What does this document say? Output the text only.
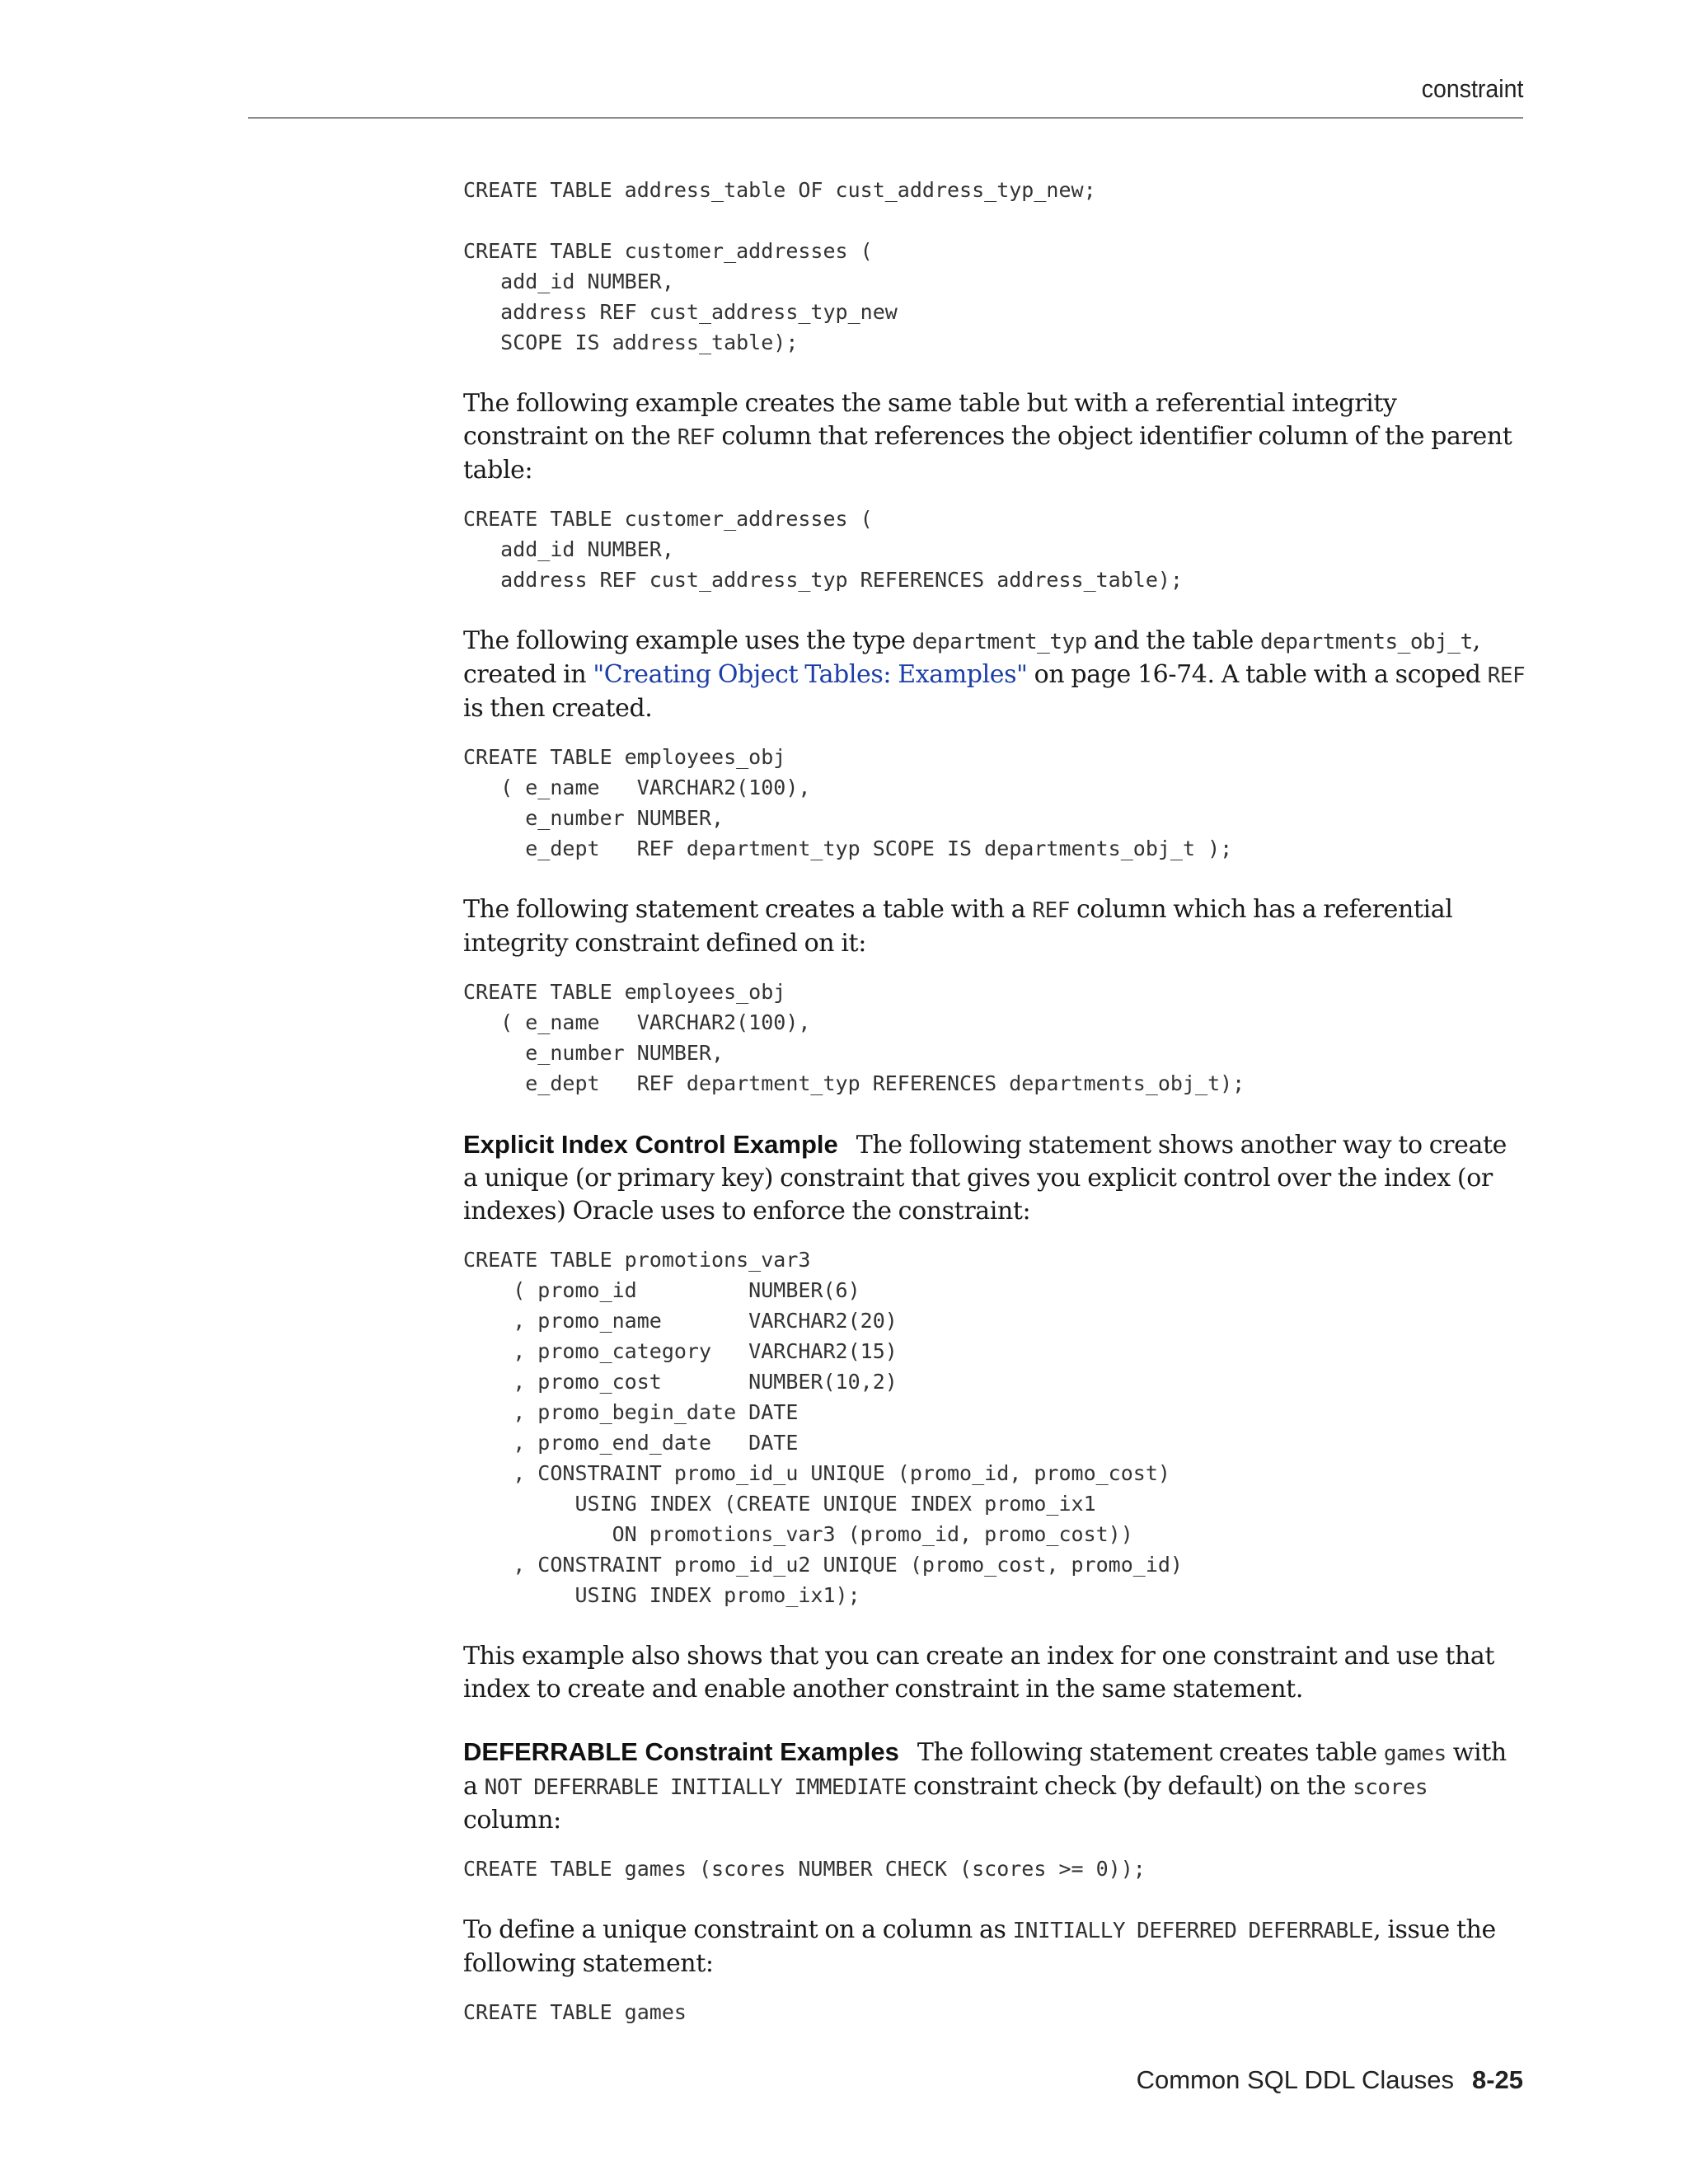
constraint
CREATE TABLE address_table OF cust_address_typ_new;

CREATE TABLE customer_addresses (
add_id NUMBER,
address REF cust_address_typ_new
SCOPE IS address_table);

The following example creates the same table but with a referential integrity constraint on the REF column that references the object identifier column of the parent table:

CREATE TABLE customer_addresses (
add_id NUMBER,
address REF cust_address_typ REFERENCES address_table);

The following example uses the type department_typ and the table departments_obj_t, created in "Creating Object Tables: Examples" on page 16-74. A table with a scoped REF is then created.

CREATE TABLE employees_obj
( e_name   VARCHAR2(100),
e_number NUMBER,
e_dept   REF department_typ SCOPE IS departments_obj_t );

The following statement creates a table with a REF column which has a referential integrity constraint defined on it:

CREATE TABLE employees_obj
( e_name   VARCHAR2(100),
e_number NUMBER,
e_dept   REF department_typ REFERENCES departments_obj_t);

Explicit Index Control Example The following statement shows another way to create a unique (or primary key) constraint that gives you explicit control over the index (or indexes) Oracle uses to enforce the constraint:

CREATE TABLE promotions_var3
( promo_id         NUMBER(6)
, promo_name       VARCHAR2(20)
, promo_category   VARCHAR2(15)
, promo_cost       NUMBER(10,2)
, promo_begin_date DATE
, promo_end_date   DATE
, CONSTRAINT promo_id_u UNIQUE (promo_id, promo_cost)
USING INDEX (CREATE UNIQUE INDEX promo_ix1
ON promotions_var3 (promo_id, promo_cost))
, CONSTRAINT promo_id_u2 UNIQUE (promo_cost, promo_id)
USING INDEX promo_ix1);

This example also shows that you can create an index for one constraint and use that index to create and enable another constraint in the same statement.

DEFERRABLE Constraint Examples The following statement creates table games with a NOT DEFERRABLE INITIALLY IMMEDIATE constraint check (by default) on the scores column:

CREATE TABLE games (scores NUMBER CHECK (scores >= 0));

To define a unique constraint on a column as INITIALLY DEFERRED DEFERRABLE, issue the following statement:

CREATE TABLE games
Common SQL DDL Clauses 8-25
